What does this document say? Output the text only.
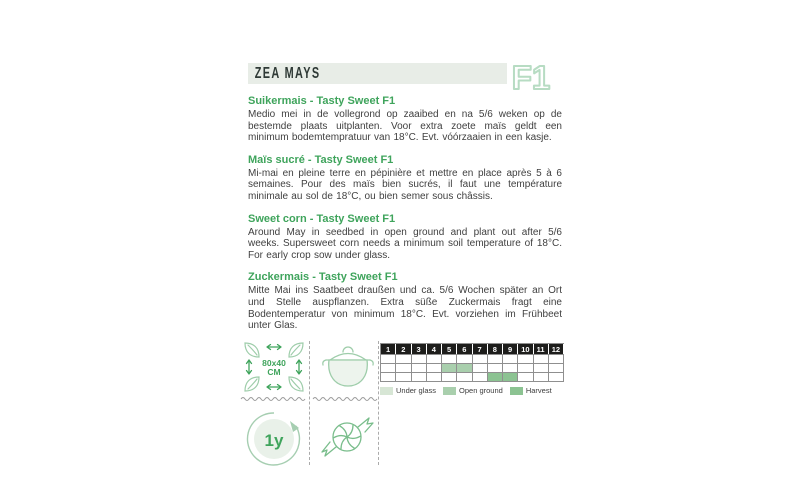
ZEA MAYS	F1
Suikermais - Tasty Sweet F1

Medio mei in de vollegrond op zaaibed en na 5/6 weken op de bestemde plaats uitplanten. Voor extra zoete maïs geldt een minimum bodemtempratuur van 18°C. Evt. vóórzaaien in een kasje.

Maïs sucré - Tasty Sweet F1

Mi-mai en pleine terre en pépinière et mettre en place après 5 à 6 semaines. Pour des maïs bien sucrés, il faut une température minimale au sol de 18°C, ou bien semer sous châssis.

Sweet corn - Tasty Sweet F1

Around May in seedbed in open ground and plant out after 5/6 weeks. Supersweet corn needs a minimum soil temperature of 18°C. For early crop sow under glass.

Zuckermais - Tasty Sweet F1

Mitte Mai ins Saatbeet draußen und ca. 5/6 Wochen später an Ort und Stelle auspflanzen. Extra süße Zuckermais fragt eine Bodentemperatur von minimum 18°C. Evt. vorziehen im Frühbeet unter Glas.

80x40
CM
1y
1	2	3	4	5	6	7	8	9	10 11 12
Under glass	Open ground	Harvest
